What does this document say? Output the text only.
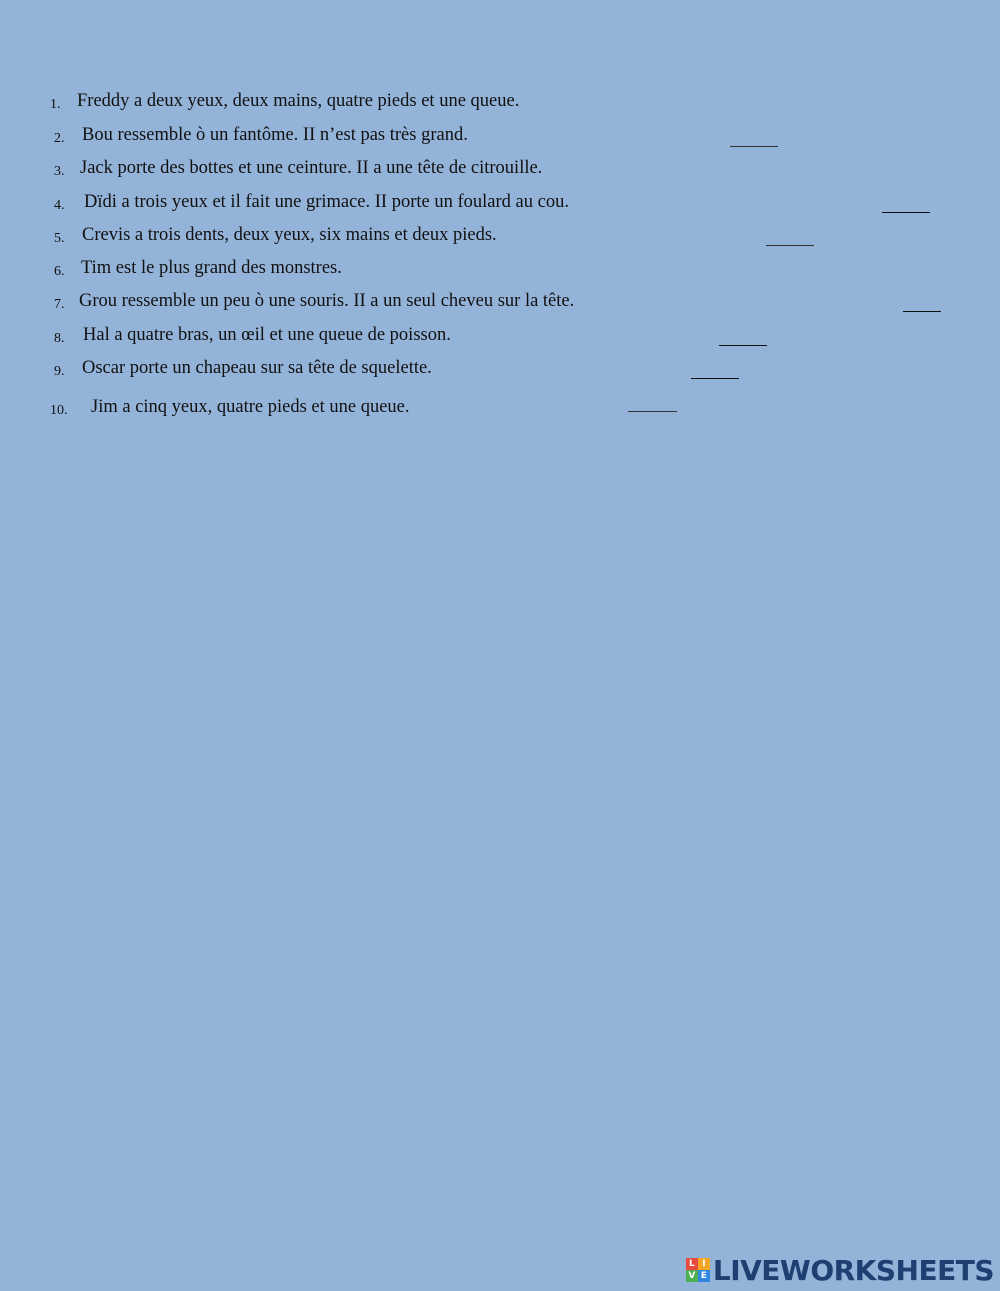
1. Freddy a deux yeux, deux mains, quatre pieds et une queue.
2. Bou ressemble ò un fantôme. II n’est pas très grand.
3. Jack porte des bottes et une ceinture. II a une tête de citrouille.
4. Dïdi a trois yeux et il fait une grimace. II porte un foulard au cou.
5. Crevis a trois dents, deux yeux, six mains et deux pieds.
6. Tim est le plus grand des monstres.
7. Grou ressemble un peu ò une souris. II a un seul cheveu sur la tête.
8. Hal a quatre bras, un œil et une queue de poisson.
9. Oscar porte un chapeau sur sa tête de squelette.
10. Jim a cinq yeux, quatre pieds et une queue.
L I
V E LIVEWORKSHEETS
